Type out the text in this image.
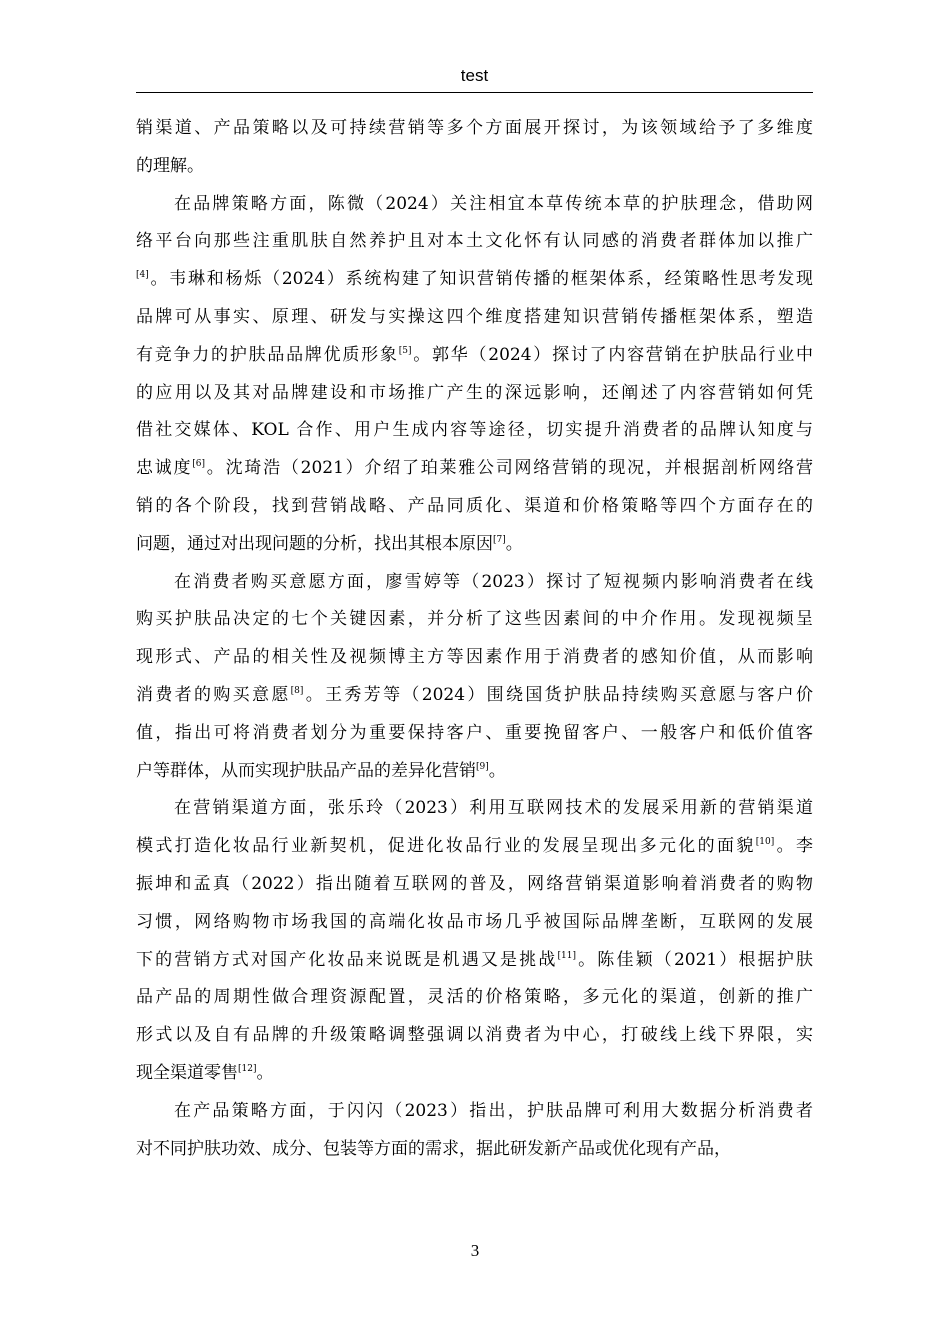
test
销渠道、产品策略以及可持续营销等多个方面展开探讨，为该领域给予了多维度
的理解。
在品牌策略方面，陈微（2024）关注相宜本草传统本草的护肤理念，借助网
络平台向那些注重肌肤自然养护且对本土文化怀有认同感的消费者群体加以推广
[4]。韦琳和杨烁（2024）系统构建了知识营销传播的框架体系，经策略性思考发现
品牌可从事实、原理、研发与实操这四个维度搭建知识营销传播框架体系，塑造
有竞争力的护肤品品牌优质形象[5]。郭华（2024）探讨了内容营销在护肤品行业中
的应用以及其对品牌建设和市场推广产生的深远影响，还阐述了内容营销如何凭
借社交媒体、KOL 合作、用户生成内容等途径，切实提升消费者的品牌认知度与
忠诚度[6]。沈琦浩（2021）介绍了珀莱雅公司网络营销的现况，并根据剖析网络营
销的各个阶段，找到营销战略、产品同质化、渠道和价格策略等四个方面存在的
问题，通过对出现问题的分析，找出其根本原因[7]。
在消费者购买意愿方面，廖雪婷等（2023）探讨了短视频内影响消费者在线
购买护肤品决定的七个关键因素，并分析了这些因素间的中介作用。发现视频呈
现形式、产品的相关性及视频博主方等因素作用于消费者的感知价值，从而影响
消费者的购买意愿[8]。王秀芳等（2024）围绕国货护肤品持续购买意愿与客户价
值，指出可将消费者划分为重要保持客户、重要挽留客户、一般客户和低价值客
户等群体，从而实现护肤品产品的差异化营销[9]。
在营销渠道方面，张乐玲（2023）利用互联网技术的发展采用新的营销渠道
模式打造化妆品行业新契机，促进化妆品行业的发展呈现出多元化的面貌[10]。李
振坤和孟真（2022）指出随着互联网的普及，网络营销渠道影响着消费者的购物
习惯，网络购物市场我国的高端化妆品市场几乎被国际品牌垄断，互联网的发展
下的营销方式对国产化妆品来说既是机遇又是挑战[11]。陈佳颖（2021）根据护肤
品产品的周期性做合理资源配置，灵活的价格策略，多元化的渠道，创新的推广
形式以及自有品牌的升级策略调整强调以消费者为中心，打破线上线下界限，实
现全渠道零售[12]。
在产品策略方面，于闪闪（2023）指出，护肤品牌可利用大数据分析消费者
对不同护肤功效、成分、包装等方面的需求，据此研发新产品或优化现有产品，
3
